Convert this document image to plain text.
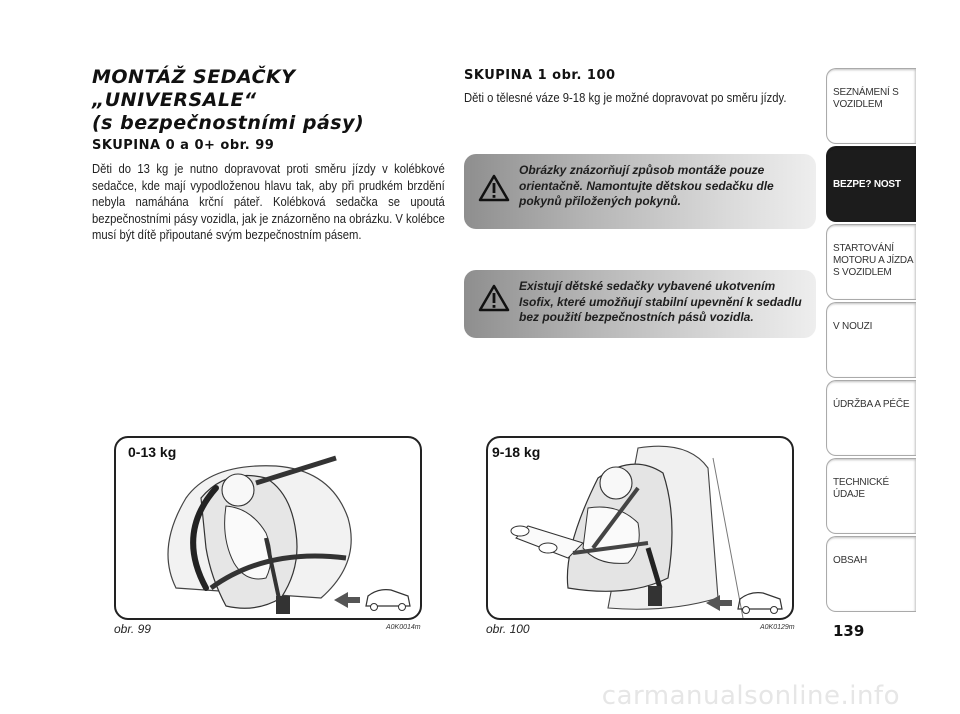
MONTÁŽ SEDAČKY „UNIVERSALE“
(s bezpečnostními pásy)
SKUPINA 0 a 0+ obr. 99
Děti do 13 kg je nutno dopravovat proti směru jízdy v kolébkové sedačce, kde mají vypodloženou hlavu tak, aby při prudkém brzdění nebyla namáhána krční páteř. Kolébková sedačka se upoutá bezpečnostními pásy vozidla, jak je znázorněno na obrázku. V kolébce musí být dítě připoutané svým bezpečnostním pásem.
SKUPINA 1 obr. 100
Děti o tělesné váze 9-18 kg je možné dopravovat po směru jízdy.
Obrázky znázorňují způsob montáže pouze orientačně. Namontujte dětskou sedačku dle pokynů přiložených pokynů.
Existují dětské sedačky vybavené ukotvením Isofix, které umožňují stabilní upevnění k sedadlu bez použití bezpečnostních pásů vozidla.
0-13 kg
obr. 99	A0K0014m
9-18 kg
obr. 100	A0K0129m
SEZNÁMENÍ S VOZIDLEM
BEZPE? NOST
STARTOVÁNÍ MOTORU A JÍZDA S VOZIDLEM
V NOUZI
ÚDRŽBA A PÉČE
TECHNICKÉ ÚDAJE
OBSAH
139
carmanualsonline.info
